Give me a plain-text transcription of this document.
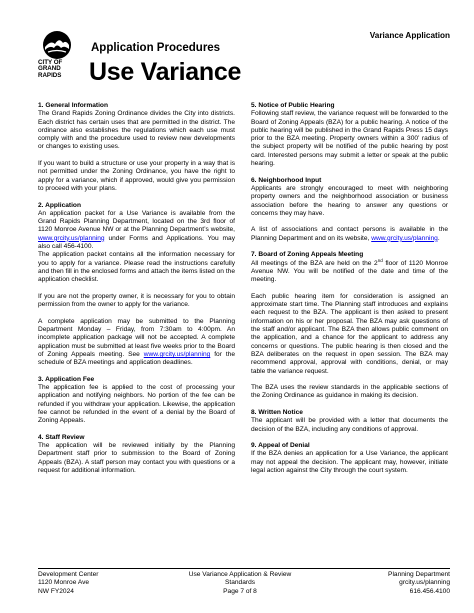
Variance Application
CITY OF
GRAND
RAPIDS
Application Procedures
Use Variance
1. General Information

The Grand Rapids Zoning Ordinance divides the City into districts. Each district has certain uses that are permitted in the district. The ordinance also establishes the regulations which each use must comply with and the procedure used to review new developments or changes to existing uses.

If you want to build a structure or use your property in a way that is not permitted under the Zoning Ordinance, you have the right to apply for a variance, which if approved, would give you permission to proceed with your plans.

2. Application

An application packet for a Use Variance is available from the Grand Rapids Planning Department, located on the 3rd floor of 1120 Monroe Avenue NW or at the Planning Department’s website, www.grcity.us/planning under Forms and Applications. You may also call 456-4100.

The application packet contains all the information necessary for you to apply for a variance. Please read the instructions carefully and then fill in the enclosed forms and attach the items listed on the application checklist.

If you are not the property owner, it is necessary for you to obtain permission from the owner to apply for the variance.

A complete application may be submitted to the Planning Department Monday – Friday, from 7:30am to 4:00pm. An incomplete application package will not be accepted. A complete application must be submitted at least five weeks prior to the Board of Zoning Appeals meeting. See www.grcity.us/planning for the schedule of BZA meetings and application deadlines.

3. Application Fee

The application fee is applied to the cost of processing your application and notifying neighbors. No portion of the fee can be refunded if you withdraw your application. Likewise, the application fee cannot be refunded in the event of a denial by the Board of Zoning Appeals.

4. Staff Review

The application will be reviewed initially by the Planning Department staff prior to submission to the Board of Zoning Appeals (BZA). A staff person may contact you with questions or a request for additional information.

5. Notice of Public Hearing

Following staff review, the variance request will be forwarded to the Board of Zoning Appeals (BZA) for a public hearing. A notice of the public hearing will be published in the Grand Rapids Press 15 days prior to the BZA meeting. Property owners within a 300’ radius of the subject property will be notified of the public hearing by post card. Interested persons may submit a letter or speak at the public hearing.

6. Neighborhood Input

Applicants are strongly encouraged to meet with neighboring property owners and the neighborhood association or business association before the hearing to answer any questions or concerns they may have.

A list of associations and contact persons is available in the Planning Department and on its website, www.grcity.us/planning.

7. Board of Zoning Appeals Meeting

All meetings of the BZA are held on the 2nd floor of 1120 Monroe Avenue NW. You will be notified of the date and time of the meeting.

Each public hearing item for consideration is assigned an approximate start time. The Planning staff introduces and explains each request to the BZA. The applicant is then asked to present information on his or her proposal. The BZA may ask questions of the staff and/or applicant. The BZA then allows public comment on the application, and a chance for the applicant to address any concerns or questions. The public hearing is then closed and the BZA deliberates on the request in open session. The BZA may recommend approval, approval with conditions, denial, or may table the variance request.

The BZA uses the review standards in the applicable sections of the Zoning Ordinance as guidance in making its decision.

8. Written Notice

The applicant will be provided with a letter that documents the decision of the BZA, including any conditions of approval.

9. Appeal of Denial

If the BZA denies an application for a Use Variance, the applicant may not appeal the decision. The applicant may, however, initiate legal action against the City through the court system.

Development Center
1120 Monroe Ave
NW FY2024
Use Variance Application & Review
Standards
Page 7 of 8
Planning Department
grcity.us/planning
616.456.4100
